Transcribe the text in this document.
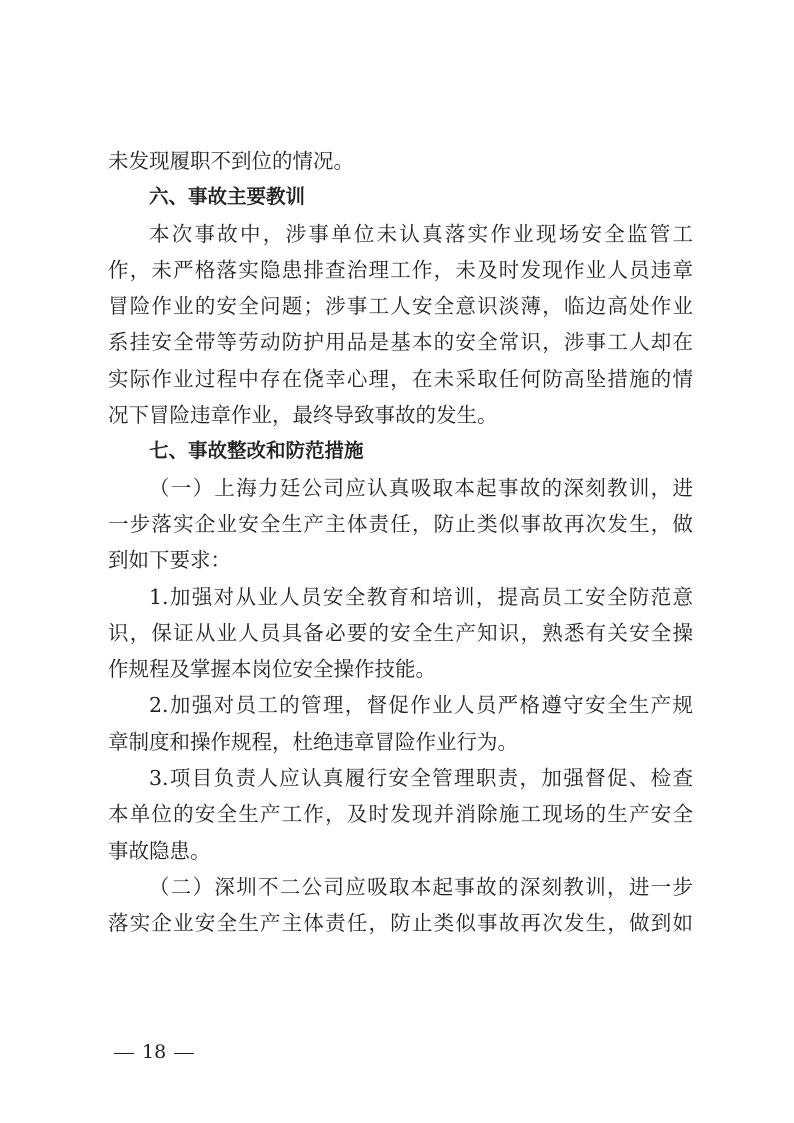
未发现履职不到位的情况。
六、事故主要教训
本次事故中，涉事单位未认真落实作业现场安全监管工
作，未严格落实隐患排查治理工作，未及时发现作业人员违章
冒险作业的安全问题；涉事工人安全意识淡薄，临边高处作业
系挂安全带等劳动防护用品是基本的安全常识，涉事工人却在
实际作业过程中存在侥幸心理，在未采取任何防高坠措施的情
况下冒险违章作业，最终导致事故的发生。
七、事故整改和防范措施
（一）上海力廷公司应认真吸取本起事故的深刻教训，进
一步落实企业安全生产主体责任，防止类似事故再次发生，做
到如下要求：
1.加强对从业人员安全教育和培训，提高员工安全防范意
识，保证从业人员具备必要的安全生产知识，熟悉有关安全操
作规程及掌握本岗位安全操作技能。
2.加强对员工的管理，督促作业人员严格遵守安全生产规
章制度和操作规程，杜绝违章冒险作业行为。
3.项目负责人应认真履行安全管理职责，加强督促、检查
本单位的安全生产工作，及时发现并消除施工现场的生产安全
事故隐患。
（二）深圳不二公司应吸取本起事故的深刻教训，进一步
落实企业安全生产主体责任，防止类似事故再次发生，做到如
18
